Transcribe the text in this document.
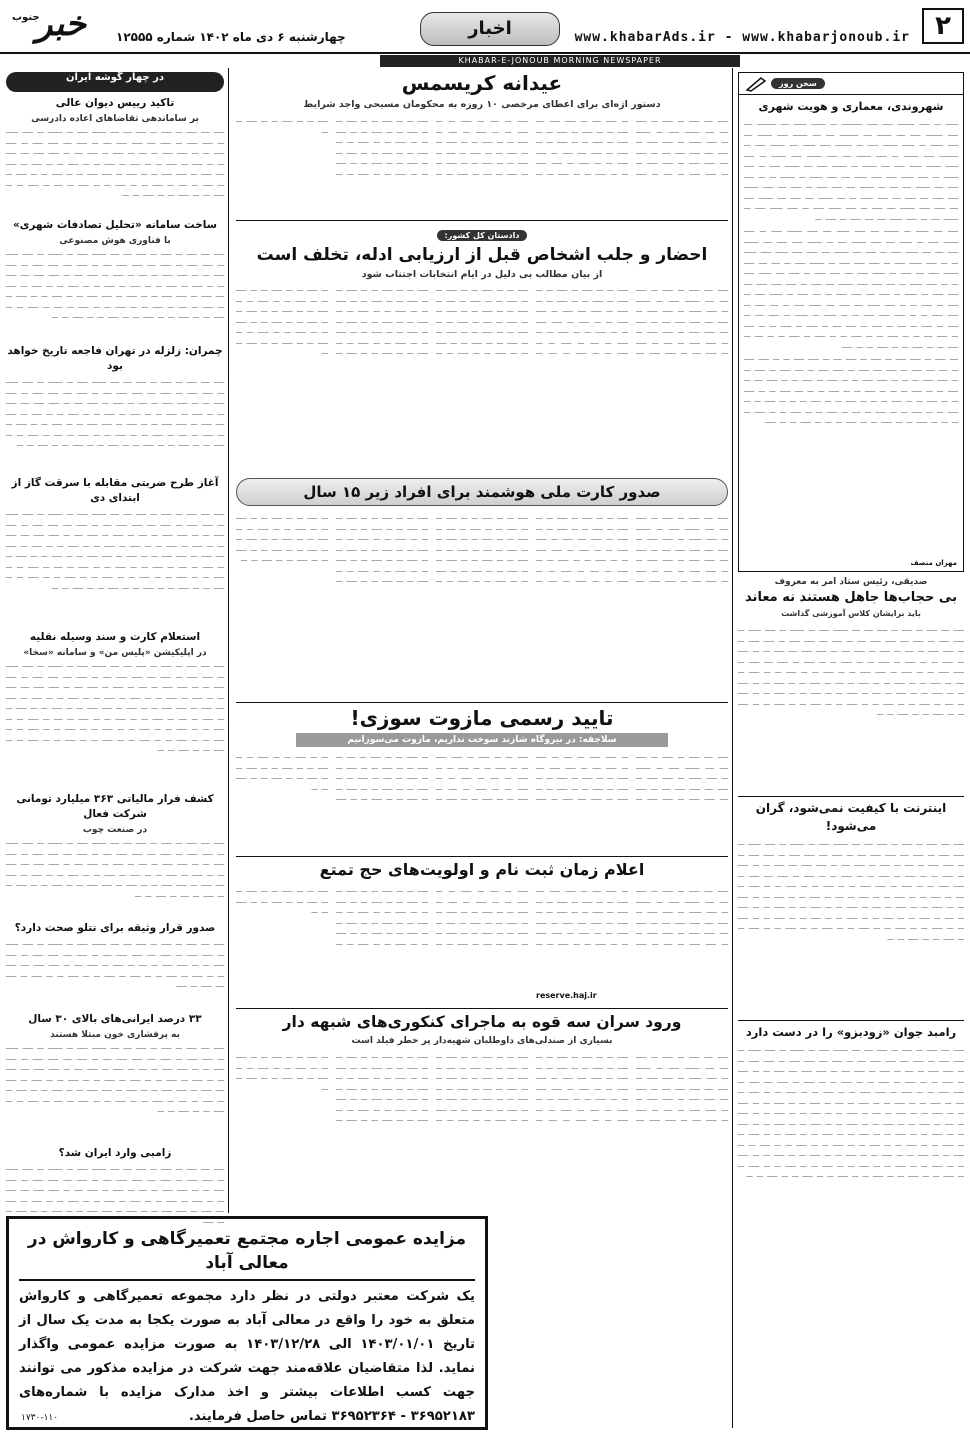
۲
www.khabarAds.ir - www.khabarjonoub.ir
اخبار
چهارشنبه ۶ دی ماه ۱۴۰۲ شماره ۱۲۵۵۵
جنوب
خبر
KHABAR-E-JONOUB MORNING NEWSPAPER
سخن روز
شهروندی، معماری و هویت شهری

ــــــ ـــ ـــــ ــــــــ ـــــ ـــــ ــــــــــ ـــ ـــــــ ــــــ ــــ ـــــــــ ــــ ـــــ ــــــــ ـــــ ــــ ـــــــ ــــ ـــــــــ ــــ ــــ ـــــــ ـــــ ـــــــ ــــ ـــــ ــــــ ـــ ــــــ ـــــــ ـــــ ـــ ــــــــ ـــــ ــــــ ــــ ـــــــ ـــــ ـــ ـــــــــ ـــــ ـــــــ ـــ ـــــ ـــــــ ــــ ـــــ ـــــــ ـــــ ـــــــ ـــ ـــــ ــــــ ـــــــ ــــــ ـــــ ــــ ـــــــ ـــ ـــــــ ـــــ ــــ ـــــــ ـــــ ـــ ـــــ ـــــــ ـــ ـــــ ــــــ ـــــ ـــــ ــــــ ــــ ـــــ ــــــ ـــ ـــــــ ـــ ـــ ـــــ ـــــ ــــ ـــــــ ــــ ــــ ـــ ـــــــ ــــ ـــــ ـــــ ـــ ـــــ ــــ ـــــ ـــــــ ـــــ ـــــ ــــ ـــــ ــــ ـــــ ــــــ ـــ ــــ ـــــــ ــــ ـــــ ــــ ـــــــ ـــــ ــــ ـــــ ـــــ ـــــــ ــــ ـــــ ـــ ـــــ ــــــ ـــــ ـــ ـــــ ــــــ ـــــ ـــ ـــــــ ــــ ـــ ـــــ ــــــ ــــ ــــ ـــــ ـــ ـــــ ـــ

ـــــ ــــ ــــــ ـــ ـــــــ ــــ ـــــ ــــــ ــــ ـــــ ـــــــ ـــــ ـــ ـــــ ـــــــ ـــــ ـــ ــــــ ــــ ـــــ ـــــــ ــــ ـــ ـــــــ ـــــ ـــــ ــــ ـــــــ ـــــ ــــ ــــ ــــــ ـــــ ـــ ـــــ ــــ ـــــــ ــــ ـــــ ـــــ ــــــ ـــــ ــــــ ـــ ـــ ـــــ ــــــ ـــــ ـــ ـــــ ـــــ ـــــ ـــ ـــــــ ـــــ ـــ ــــ ــــ ـــــ ـــــــ ـــــ ــــ ـــــ ـــ ــــــ ـــــ ــــ ـــــ ـــــ ـــ ـــــ ــــ ــــــ ـــــ ـــ ـــ ـــــ ــــــ ـــ ــــ ـــــ ـــــ ـــــــ ــــ ـــــ ـــ ـــــ ـــــ ـــــ ــــ ـــــ ـــــ ـــ ــــــ ـــ ـــــ ــــ ـــــ ـــــ ـــ ــــ ـــــ ـــ ــــــ ـــــ ـــ ـــــ ـــ ـــــ ـــ ـــ ـــــ ــــــ ــــ ـــــ ــــ ــــــ ـــــ ـــ ــــ ـــــ ـــ ـــــ ـــــ ـــ ـــ ـــــ ـــــ ـــــ ـــ ـــ ــــــ ـــ ــــــ ـــ ـــــ ــــ ـــ ـــــ ـــ ـــــ ـــ ــــ ـــ ـــــ ـــ ـــــ ــــ ـــ ـــــ ـــ ـــــ ـــ ـــ ـــــ ـــ ـــــ ــــ ـــ ـــ ـــــ ـــ ـــ ـــــ ـــ ـــ ـــــ ـــ ـــــ ـــ ـــ ــــ ـــ ـــــ ـــ ـــ ـــــ ـــ ـــ ـــــ ـــ ـــ ـــــ

ــــ ـــــ ـــ ـــــ ـــــ ـــ ـــــ ـــ ـــــ ــــ ـــ ـــــ ـــــ ـــ ـــ ـــــ ـــــ ـــ ــــ ــــ ـــــ ـــ ـــــ ــــ ـــــ ـــ ـــــ ـــــ ـــ ــــ ـــــ ـــ ـــــ ـــ ـــ ـــــ ـــــ ـــ ـــ ـــ ـــــ ـــــ ـــ ـــ ـــــ ـــ ـــــ ـــ ـــ ـــــ ــــ ـــ ـــــ ـــ ـــ ـــــ ـــ ـــ ـــ ـــــ ـــ ـــ ـــــ ـــ ـــ ــــ ـــــ ـــ ـــ ـــــ ـــ ـــ ـــــ ـــ ـــ ـــــ ـــ ـــ ـــ ـــــ ـــ ـــ ـــــ ـــ ـــ ـــ ـــــ ـــ ـــ ـــــ ـــ ـــ ـــــ ـــ ـــ ـــــ ـــ ــــ ـــ ـــــ ـــ ـــ ـــــ ـــ ـــ ـــــ ـــ ـــ ـــ ـــ ـــــ ـــ ـــ ـــــ ـــ ـــ ـــــ ـــ ـــ ـــ ـــــ ـــ ـــ ـــــ

مهران منصف
صدیقی، رئیس ستاد امر به معروف
بی حجاب‌ها جاهل هستند نه معاند
باید برایشان کلاس آموزشی گذاشت
ـــــ ــــ ـــــ ـــ ـــــ ـــ ـــــ ــــ ــــ ـــــــ ـــــ ـــ ـــــــ ـــ ـــــ ــــــ ـــ ـــــ ـــــ ـــ ـــــ ــــ ـــــ ـــــ ــــ ـــ ـــــ ــــ ـــــ ـــــ ـــ ـــــ ـــــ ـــ ـــ ـــــ ـــــ ـــ ــــ ـــ ـــــ ـــ ـــــ ــــ ـــ ـــــ ـــــ ــــ ـــــ ـــ ـــ ـــــ ـــ ـــــ ـــ ـــ ـــــ ـــ ـــــ ـــ ـــ ـــــ ـــ ـــ ـــــ ـــ ـــــ ــــ ـــــ ـــ ـــــ ـــــ ـــ ـــ ـــــ ـــ ـــــ ـــــ ـــ ـــ ـــــ ـــ ـــ ـــــ ـــ ـــ ـــــ ـــ ــــ ـــ ـــــ ـــ ـــ ـــــ ـــ ـــ ـــــ ـــ ــــ ـــ ـــــ ـــ ـــ ـــــ ـــ ـــ ـــــ ـــ ـــ ـــــ ـــ ـــ ـــــ ـــ ــــ ـــ ـــــ ـــ ـــ ـــــ ـــ ـــ ـــــ ـــ ـــ ـــــ ـــ ــــ ـــ ـــــ ـــ ـــ ـــــ ـــ ـــ ـــــ ـــ ـــ ـــــ ـــ ـــ ـــــ ـــ ـــ ـــــ ـــ ـــ ـــــ ـــ ـــ ـــــ ـــ ـــ
اینترنت با کیفیت نمی‌شود، گران می‌شود!
ـــــ ــــ ـــــ ـــ ـــــ ـــ ـــــ ــــ ــــ ـــــــ ـــــ ـــ ـــــــ ـــ ـــــ ــــــ ـــ ـــــ ـــــ ـــ ـــــ ــــ ـــــ ـــــ ــــ ـــ ـــــ ــــ ـــــ ـــــ ـــ ـــــ ـــــ ـــ ـــ ـــــ ـــــ ـــ ــــ ـــ ـــــ ـــ ـــــ ــــ ـــ ـــــ ـــــ ــــ ـــــ ـــ ـــ ـــــ ـــ ـــــ ـــ ـــ ـــــ ـــ ـــــ ـــ ـــ ـــــ ـــ ـــ ـــــ ـــ ـــــ ــــ ـــــ ـــ ـــــ ـــــ ـــ ـــ ـــــ ـــ ـــــ ـــــ ـــ ـــ ـــــ ـــ ـــ ـــــ ـــ ـــ ـــــ ـــ ــــ ـــ ـــــ ـــ ـــ ـــــ ـــ ـــ ـــــ ـــ ــــ ـــ ـــــ ـــ ـــ ـــــ ـــ ـــ ـــــ ـــ ـــ ـــــ ـــ ـــ ـــــ ـــ ــــ ـــ ـــــ ـــ ـــ ـــــ ـــ ـــ ـــــ ـــ ـــ ـــــ ـــ ــــ ـــ ـــــ ـــ ـــ ـــــ ـــ ـــ ـــــ ـــ ـــ ـــــ ـــ ـــ ـــــ ـــ ـــ ـــــ ـــ ـــ ـــــ ـــ ـــ ـــــ ـــ ـــ ـــــ ـــ ـــ ـــــ ـــ ـــ ـــــ ـــ ـــ ـــــ ـــ ـــ ـــــ ـــ ـــ ـــــ ـــ ـــ
رامبد جوان «زودبزو» را در دست دارد
ـــــ ــــ ـــــ ـــ ـــــ ـــ ـــــ ــــ ــــ ـــــــ ـــــ ـــ ـــــــ ـــ ـــــ ــــــ ـــ ـــــ ـــــ ـــ ـــــ ــــ ـــــ ـــــ ــــ ـــ ـــــ ــــ ـــــ ـــــ ـــ ـــــ ـــــ ـــ ـــ ـــــ ـــــ ـــ ــــ ـــ ـــــ ـــ ـــــ ــــ ـــ ـــــ ـــــ ــــ ـــــ ـــ ـــ ـــــ ـــ ـــــ ـــ ـــ ـــــ ـــ ـــــ ـــ ـــ ـــــ ـــ ـــ ـــــ ـــ ـــــ ــــ ـــــ ـــ ـــــ ـــــ ـــ ـــ ـــــ ـــ ـــــ ـــــ ـــ ـــ ـــــ ـــ ـــ ـــــ ـــ ـــ ـــــ ـــ ــــ ـــ ـــــ ـــ ـــ ـــــ ـــ ـــ ـــــ ـــ ــــ ـــ ـــــ ـــ ـــ ـــــ ـــ ـــ ـــــ ـــ ـــ ـــــ ـــ ـــ ـــــ ـــ ــــ ـــ ـــــ ـــ ـــ ـــــ ـــ ـــ ـــــ ـــ ـــ ـــــ ـــ ــــ ـــ ـــــ ـــ ـــ ـــــ ـــ ـــ ـــــ ـــ ـــ ـــــ ـــ ـــ ـــــ ـــ ـــ ـــــ ـــ ـــ ـــــ ـــ ـــ ـــــ ـــ ـــ ـــــ ـــ ـــ ـــــ ـــ ـــ ـــــ ـــ ـــ ـــــ ـــ ـــ ـــــ ـــ ـــ ـــــ ـــ ـــ ـــــ ـــ ـــ ـــــ ـــ ـــ ـــــ ـــ ـــ ـــــ ـــ ـــ ـــــ ـــ ـــ ـــــ ـــ ـــ ـــــ ـــ ـــ ـــــ ـــ ـــ ـــــ ـــ ـــ ـــــ ـــ ـــ ـــــ ـــ ـــ ـــــ ـــ ـــ ـــــ ـــ ـــ ـــــ ـــ ـــ ـــــ ـــ ـــ ـــــ ـــ ـــ ـــــ ـــ ـــ ـــــ ـــ ـــ ـــــ ـــ ـــ ـــــ ـــ ـــ ـــــ ـــ ـــ ـــــ ـــ ـــ ـــــ ـــ ـــ
عیدانه کریسمس
دستور اژه‌ای برای اعطای مرخصی ۱۰ روزه به محکومان مسیحی واجد شرایط
ـــــ ــــ ـــــ ـــ ـــــ ـــ ـــــ ــــ ــــ ـــــــ ـــــ ـــ ـــــــ ـــ ـــــ ــــــ ـــ ـــــ ـــــ ـــ ـــــ ــــ ـــــ ـــــ ــــ ـــ ـــــ ــــ ـــــ ـــــ ـــ ـــــ ـــــ ـــ ـــ ـــــ ـــــ ـــ ــــ ـــ ـــــ ـــ ـــــ ــــ ـــ ـــــ ـــــ ــــ ـــــ ـــ ـــ ـــــ ـــ ـــــ ـــ ـــ ـــــ ـــ ـــــ ـــ ـــ ـــــ ـــ ـــ ـــــ ـــ ـــــ ــــ ـــــ ـــ ـــــ ـــــ ـــ ـــ ـــــ ـــ ـــــ ـــــ ـــ ـــ ـــــ ـــ ـــ ـــــ ـــ ـــ ـــــ ـــ ــــ ـــ ـــــ ـــ ـــ ـــــ ـــ ـــ ـــــ ـــ ــــ ـــ ـــــ ـــ ـــ ـــــ ـــ ـــ ـــــ ـــ ـــ ـــــ ـــ ـــ ـــــ ـــ ــــ ـــ ـــــ ـــ ـــ ـــــ ـــ ـــ ـــــ ـــ ـــ ـــــ ـــ ــــ ـــ ـــــ ـــ ـــ ـــــ ـــ ـــ ـــــ ـــ ـــ ـــــ ـــ ـــ ـــــ ـــ ـــ ـــــ ـــ ـــ ـــــ ـــ ـــ ـــــ ـــ ـــ ـــــ ـــ ـــ ـــــ ـــ ـــ ـــــ ـــ ـــ ـــــ ـــ ـــ ـــــ ـــ ـــ ـــــ ـــ ـــ ـــــ ـــ ـــ ـــــ ـــ ـــ ـــــ ـــ ـــ ـــــ ـــ ـــ ـــــ ـــ ـــ ـــــ ـــ ـــ
دادستان کل کشور:
احضار و جلب اشخاص قبل از ارزیابی ادله، تخلف است
از بیان مطالب بی دلیل در ایام انتخابات اجتناب شود
ـــــ ــــ ـــــ ـــ ـــــ ـــ ـــــ ــــ ــــ ـــــــ ـــــ ـــ ـــــــ ـــ ـــــ ــــــ ـــ ـــــ ـــــ ـــ ـــــ ــــ ـــــ ـــــ ــــ ـــ ـــــ ــــ ـــــ ـــــ ـــ ـــــ ـــــ ـــ ـــ ـــــ ـــــ ـــ ــــ ـــ ـــــ ـــ ـــــ ــــ ـــ ـــــ ـــــ ــــ ـــــ ـــ ـــ ـــــ ـــ ـــــ ـــ ـــ ـــــ ـــ ـــــ ـــ ـــ ـــــ ـــ ـــ ـــــ ـــ ـــــ ــــ ـــــ ـــ ـــــ ـــــ ـــ ـــ ـــــ ـــ ـــــ ـــــ ـــ ـــ ـــــ ـــ ـــ ـــــ ـــ ـــ ـــــ ـــ ــــ ـــ ـــــ ـــ ـــ ـــــ ـــ ـــ ـــــ ـــ ــــ ـــ ـــــ ـــ ـــ ـــــ ـــ ـــ ـــــ ـــ ـــ ـــــ ـــ ـــ ـــــ ـــ ــــ ـــ ـــــ ـــ ـــ ـــــ ـــ ـــ ـــــ ـــ ـــ ـــــ ـــ ــــ ـــ ـــــ ـــ ـــ ـــــ ـــ ـــ ـــــ ـــ ـــ ـــــ ـــ ـــ ـــــ ـــ ـــ ـــــ ـــ ـــ ـــــ ـــ ـــ ـــــ ـــ ـــ ـــــ ـــ ـــ ـــــ ـــ ـــ ـــــ ـــ ـــ ـــــ ـــ ـــ ـــــ ـــ ـــ ـــــ ـــ ـــ ـــــ ـــ ـــ ـــــ ـــ ـــ ـــــ ـــ ـــ ـــــ ـــ ـــ ـــــ ـــ ـــ ـــــ ـــ ـــ ـــــ ـــ ـــ ـــــ ـــ ـــ ـــــ ـــ ـــ ـــــ ـــ ـــ ـــــ ـــ ـــ ـــــ ـــ ـــ ـــــ ـــ ـــ ـــــ ـــ ـــ ـــــ ـــ ـــ ـــــ ـــ ـــ ـــــ ـــ ـــ ـــــ ـــ ـــ ـــــ ـــ ـــ ـــــ ـــ ـــ ـــــ ـــ ـــ ـــــ ـــ ـــ ـــــ ـــ ـــ ـــــ ـــ ـــ ـــــ ـــ ـــ ـــــ ـــ ـــ ـــــ ـــ ـــ ـــــ ـــ ـــ ـــــ ـــ ـــ ـــــ ـــ ـــ
صدور کارت ملی هوشمند برای افراد زیر ۱۵ سال
ـــــ ــــ ـــــ ـــ ـــــ ـــ ـــــ ــــ ــــ ـــــــ ـــــ ـــ ـــــــ ـــ ـــــ ــــــ ـــ ـــــ ـــــ ـــ ـــــ ــــ ـــــ ـــــ ــــ ـــ ـــــ ــــ ـــــ ـــــ ـــ ـــــ ـــــ ـــ ـــ ـــــ ـــــ ـــ ــــ ـــ ـــــ ـــ ـــــ ــــ ـــ ـــــ ـــــ ــــ ـــــ ـــ ـــ ـــــ ـــ ـــــ ـــ ـــ ـــــ ـــ ـــــ ـــ ـــ ـــــ ـــ ـــ ـــــ ـــ ـــــ ــــ ـــــ ـــ ـــــ ـــــ ـــ ـــ ـــــ ـــ ـــــ ـــــ ـــ ـــ ـــــ ـــ ـــ ـــــ ـــ ـــ ـــــ ـــ ــــ ـــ ـــــ ـــ ـــ ـــــ ـــ ـــ ـــــ ـــ ــــ ـــ ـــــ ـــ ـــ ـــــ ـــ ـــ ـــــ ـــ ـــ ـــــ ـــ ـــ ـــــ ـــ ــــ ـــ ـــــ ـــ ـــ ـــــ ـــ ـــ ـــــ ـــ ـــ ـــــ ـــ ــــ ـــ ـــــ ـــ ـــ ـــــ ـــ ـــ ـــــ ـــ ـــ ـــــ ـــ ـــ ـــــ ـــ ـــ ـــــ ـــ ـــ ـــــ ـــ ـــ ـــــ ـــ ـــ ـــــ ـــ ـــ ـــــ ـــ ـــ ـــــ ـــ ـــ ـــــ ـــ ـــ ـــــ ـــ ـــ ـــــ ـــ ـــ ـــــ ـــ ـــ ـــــ ـــ ـــ ـــــ ـــ ـــ ـــــ ـــ ـــ ـــــ ـــ ـــ ـــــ ـــ ـــ ـــــ ـــ ـــ ـــــ ـــ ـــ ـــــ ـــ ـــ ـــــ ـــ ـــ ـــــ ـــ ـــ ـــــ ـــ ـــ ـــــ ـــ ـــ ـــــ ـــ ـــ ـــــ ـــ ـــ ـــــ ـــ ـــ ـــــ ـــ ـــ ـــــ ـــ ـــ ـــــ ـــ ـــ ـــــ ـــ ـــ ـــــ ـــ ـــ ـــــ ـــ ـــ ـــــ ـــ ـــ ـــــ ـــ ـــ ـــــ ـــ ـــ ـــــ ـــ ـــ ـــــ ـــ ـــ
تایید رسمی مازوت سوزی!
سلاجقه: در نیروگاه شازند سوخت نداریم، مازوت می‌سوزانیم
ـــــ ــــ ـــــ ـــ ـــــ ـــ ـــــ ــــ ــــ ـــــــ ـــــ ـــ ـــــــ ـــ ـــــ ــــــ ـــ ـــــ ـــــ ـــ ـــــ ــــ ـــــ ـــــ ــــ ـــ ـــــ ــــ ـــــ ـــــ ـــ ـــــ ـــــ ـــ ـــ ـــــ ـــــ ـــ ــــ ـــ ـــــ ـــ ـــــ ــــ ـــ ـــــ ـــــ ــــ ـــــ ـــ ـــ ـــــ ـــ ـــــ ـــ ـــ ـــــ ـــ ـــــ ـــ ـــ ـــــ ـــ ـــ ـــــ ـــ ـــــ ــــ ـــــ ـــ ـــــ ـــــ ـــ ـــ ـــــ ـــ ـــــ ـــــ ـــ ـــ ـــــ ـــ ـــ ـــــ ـــ ـــ ـــــ ـــ ــــ ـــ ـــــ ـــ ـــ ـــــ ـــ ـــ ـــــ ـــ ــــ ـــ ـــــ ـــ ـــ ـــــ ـــ ـــ ـــــ ـــ ـــ ـــــ ـــ ـــ ـــــ ـــ ــــ ـــ ـــــ ـــ ـــ ـــــ ـــ ـــ ـــــ ـــ ـــ ـــــ ـــ ــــ ـــ ـــــ ـــ ـــ ـــــ ـــ ـــ ـــــ ـــ ـــ ـــــ ـــ ـــ ـــــ ـــ ـــ ـــــ ـــ ـــ ـــــ ـــ ـــ ـــــ ـــ ـــ ـــــ ـــ ـــ ـــــ ـــ ـــ ـــــ ـــ ـــ ـــــ ـــ ـــ ـــــ ـــ ـــ ـــــ ـــ ـــ ـــــ ـــ ـــ
اعلام زمان ثبت نام و اولویت‌های حج تمتع
ـــــ ــــ ـــــ ـــ ـــــ ـــ ـــــ ــــ ــــ ـــــــ ـــــ ـــ ـــــــ ـــ ـــــ ــــــ ـــ ـــــ ـــــ ـــ ـــــ ــــ ـــــ ـــــ ــــ ـــ ـــــ ــــ ـــــ ـــــ ـــ ـــــ ـــــ ـــ ـــ ـــــ ـــــ ـــ ــــ ـــ ـــــ ـــ ـــــ ــــ ـــ ـــــ ـــــ ــــ ـــــ ـــ ـــ ـــــ ـــ ـــــ ـــ ـــ ـــــ ـــ ـــــ ـــ ـــ ـــــ ـــ ـــ ـــــ ـــ ـــــ ــــ ـــــ ـــ ـــــ ـــــ ـــ ـــ ـــــ ـــ ـــــ ـــــ ـــ ـــ ـــــ ـــ ـــ ـــــ ـــ ـــ ـــــ ـــ ــــ ـــ ـــــ ـــ ـــ ـــــ ـــ ـــ ـــــ ـــ ــــ ـــ ـــــ ـــ ـــ ـــــ ـــ ـــ ـــــ ـــ ـــ ـــــ ـــ ـــ ـــــ ـــ ــــ ـــ ـــــ ـــ ـــ ـــــ ـــ ـــ ـــــ ـــ ـــ ـــــ ـــ ــــ ـــ ـــــ ـــ ـــ ـــــ ـــ ـــ ـــــ ـــ ـــ ـــــ ـــ ـــ ـــــ ـــ ـــ ـــــ ـــ ـــ ـــــ ـــ ـــ ـــــ ـــ ـــ ـــــ ـــ ـــ ـــــ ـــ ـــ ـــــ ـــ ـــ ـــــ ـــ ـــ ـــــ ـــ ـــ ـــــ ـــ ـــ ـــــ ـــ ـــ ـــــ ـــ ـــ ـــــ ـــ ـــ ـــــ ـــ ـــ ـــــ ـــ ـــ ـــــ ـــ ـــ ـــــ ـــ ـــ ـــــ ـــ ـــ ـــــ ـــ ـــ
reserve.haj.ir
ورود سران سه قوه به ماجرای کنکوری‌های شبهه دار
بسیاری از صندلی‌های داوطلبان شهیه‌دار پر خطر فیلد است
ـــــ ــــ ـــــ ـــ ـــــ ـــ ـــــ ــــ ــــ ـــــــ ـــــ ـــ ـــــــ ـــ ـــــ ــــــ ـــ ـــــ ـــــ ـــ ـــــ ــــ ـــــ ـــــ ــــ ـــ ـــــ ــــ ـــــ ـــــ ـــ ـــــ ـــــ ـــ ـــ ـــــ ـــــ ـــ ــــ ـــ ـــــ ـــ ـــــ ــــ ـــ ـــــ ـــــ ــــ ـــــ ـــ ـــ ـــــ ـــ ـــــ ـــ ـــ ـــــ ـــ ـــــ ـــ ـــ ـــــ ـــ ـــ ـــــ ـــ ـــــ ــــ ـــــ ـــ ـــــ ـــــ ـــ ـــ ـــــ ـــ ـــــ ـــــ ـــ ـــ ـــــ ـــ ـــ ـــــ ـــ ـــ ـــــ ـــ ــــ ـــ ـــــ ـــ ـــ ـــــ ـــ ـــ ـــــ ـــ ــــ ـــ ـــــ ـــ ـــ ـــــ ـــ ـــ ـــــ ـــ ـــ ـــــ ـــ ـــ ـــــ ـــ ــــ ـــ ـــــ ـــ ـــ ـــــ ـــ ـــ ـــــ ـــ ـــ ـــــ ـــ ــــ ـــ ـــــ ـــ ـــ ـــــ ـــ ـــ ـــــ ـــ ـــ ـــــ ـــ ـــ ـــــ ـــ ـــ ـــــ ـــ ـــ ـــــ ـــ ـــ ـــــ ـــ ـــ ـــــ ـــ ـــ ـــــ ـــ ـــ ـــــ ـــ ـــ ـــــ ـــ ـــ ـــــ ـــ ـــ ـــــ ـــ ـــ ـــــ ـــ ـــ ـــــ ـــ ـــ ـــــ ـــ ـــ ـــــ ـــ ـــ ـــــ ـــ ـــ ـــــ ـــ ـــ ـــــ ـــ ـــ ـــــ ـــ ـــ ـــــ ـــ ـــ ـــــ ـــ ـــ ـــــ ـــ ـــ ـــــ ـــ ـــ ـــــ ـــ ـــ ـــــ ـــ ـــ ـــــ ـــ ـــ ـــــ ـــ ـــ ـــــ ـــ ـــ ـــــ ـــ ـــ ـــــ ـــ ـــ ـــــ ـــ ـــ ـــــ ـــ ـــ ـــــ ـــ ـــ
در چهار گوشه ایران
تاکید رییس دیوان عالی
بر ساماندهی تقاضاهای اعاده دادرسی
ـــــ ــــ ـــــ ـــ ـــــ ـــ ـــــ ــــ ــــ ـــــــ ـــــ ـــ ـــــــ ـــ ـــــ ــــــ ـــ ـــــ ـــــ ـــ ـــــ ــــ ـــــ ـــــ ــــ ـــ ـــــ ــــ ـــــ ـــــ ـــ ـــــ ـــــ ـــ ـــ ـــــ ـــــ ـــ ــــ ـــ ـــــ ـــ ـــــ ــــ ـــ ـــــ ـــــ ــــ ـــــ ـــ ـــ ـــــ ـــ ـــــ ـــ ـــ ـــــ ـــ ـــــ ـــ ـــ ـــــ ـــ ـــ ـــــ ـــ ـــــ ــــ ـــــ ـــ ـــــ ـــــ ـــ ـــ ـــــ ـــ ـــــ ـــــ ـــ ـــ ـــــ ـــ ـــ ـــــ ـــ ـــ ـــــ ـــ ــــ ـــ ـــــ ـــ ـــ ـــــ ـــ ـــ ـــــ ـــ ــــ ـــ ـــــ ـــ ـــ ـــــ ـــ ـــ ـــــ ـــ ـــ ـــــ ـــ ـــ
ساخت سامانه «تحلیل تصادفات شهری»
با فناوری هوش مصنوعی
ـــــ ــــ ـــــ ـــ ـــــ ـــ ـــــ ــــ ــــ ـــــــ ـــــ ـــ ـــــــ ـــ ـــــ ــــــ ـــ ـــــ ـــــ ـــ ـــــ ــــ ـــــ ـــــ ــــ ـــ ـــــ ــــ ـــــ ـــــ ـــ ـــــ ـــــ ـــ ـــ ـــــ ـــــ ـــ ــــ ـــ ـــــ ـــ ـــــ ــــ ـــ ـــــ ـــــ ــــ ـــــ ـــ ـــ ـــــ ـــ ـــــ ـــ ـــ ـــــ ـــ ـــــ ـــ ـــ ـــــ ـــ ـــ ـــــ ـــ ـــــ ــــ ـــــ ـــ ـــــ ـــــ ـــ ـــ ـــــ ـــ ـــــ ـــــ ـــ ـــ ـــــ ـــ ـــ ـــــ ـــ ـــ ـــــ ـــ ــــ ـــ ـــــ ـــ ـــ ـــــ ـــ ـــ ـــــ ـــ ــــ ـــ ـــــ ـــ ـــ ـــــ ـــ ـــ ـــــ ـــ ـــ ـــــ ـــ ـــ ـــــ ـــ ـــ ـــــ ـــ ـــ
چمران: زلزله در تهران فاجعه تاریخ خواهد بود
ـــــ ــــ ـــــ ـــ ـــــ ـــ ـــــ ــــ ــــ ـــــــ ـــــ ـــ ـــــــ ـــ ـــــ ــــــ ـــ ـــــ ـــــ ـــ ـــــ ــــ ـــــ ـــــ ــــ ـــ ـــــ ــــ ـــــ ـــــ ـــ ـــــ ـــــ ـــ ـــ ـــــ ـــــ ـــ ــــ ـــ ـــــ ـــ ـــــ ــــ ـــ ـــــ ـــــ ــــ ـــــ ـــ ـــ ـــــ ـــ ـــــ ـــ ـــ ـــــ ـــ ـــــ ـــ ـــ ـــــ ـــ ـــ ـــــ ـــ ـــــ ــــ ـــــ ـــ ـــــ ـــــ ـــ ـــ ـــــ ـــ ـــــ ـــــ ـــ ـــ ـــــ ـــ ـــ ـــــ ـــ ـــ ـــــ ـــ ــــ ـــ ـــــ ـــ ـــ ـــــ ـــ ـــ ـــــ ـــ ــــ ـــ ـــــ ـــ ـــ ـــــ ـــ ـــ ـــــ ـــ ـــ ـــــ ـــ ـــ ـــــ ـــ ـــ ـــــ ـــ ـــ ـــــ ـــ ـــ
آغاز طرح ضربتی مقابله با سرقت گاز از ابتدای دی
ـــــ ــــ ـــــ ـــ ـــــ ـــ ـــــ ــــ ــــ ـــــــ ـــــ ـــ ـــــــ ـــ ـــــ ــــــ ـــ ـــــ ـــــ ـــ ـــــ ــــ ـــــ ـــــ ــــ ـــ ـــــ ــــ ـــــ ـــــ ـــ ـــــ ـــــ ـــ ـــ ـــــ ـــــ ـــ ــــ ـــ ـــــ ـــ ـــــ ــــ ـــ ـــــ ـــــ ــــ ـــــ ـــ ـــ ـــــ ـــ ـــــ ـــ ـــ ـــــ ـــ ـــــ ـــ ـــ ـــــ ـــ ـــ ـــــ ـــ ـــــ ــــ ـــــ ـــ ـــــ ـــــ ـــ ـــ ـــــ ـــ ـــــ ـــــ ـــ ـــ ـــــ ـــ ـــ ـــــ ـــ ـــ ـــــ ـــ ــــ ـــ ـــــ ـــ ـــ ـــــ ـــ ـــ ـــــ ـــ ــــ ـــ ـــــ ـــ ـــ ـــــ ـــ ـــ ـــــ ـــ ـــ ـــــ ـــ ـــ ـــــ ـــ ـــ ـــــ ـــ ـــ ـــــ ـــ ـــ ـــــ ـــ ـــ ـــــ ـــ ـــ ـــــ ـــ ـــ ـــــ ـــ ـــ ـــــ ـــ ـــ
استعلام کارت و سند وسیله نقلیه
در اپلیکیشن «پلیس من» و سامانه «سخا»
ـــــ ــــ ـــــ ـــ ـــــ ـــ ـــــ ــــ ــــ ـــــــ ـــــ ـــ ـــــــ ـــ ـــــ ــــــ ـــ ـــــ ـــــ ـــ ـــــ ــــ ـــــ ـــــ ــــ ـــ ـــــ ــــ ـــــ ـــــ ـــ ـــــ ـــــ ـــ ـــ ـــــ ـــــ ـــ ــــ ـــ ـــــ ـــ ـــــ ــــ ـــ ـــــ ـــــ ــــ ـــــ ـــ ـــ ـــــ ـــ ـــــ ـــ ـــ ـــــ ـــ ـــــ ـــ ـــ ـــــ ـــ ـــ ـــــ ـــ ـــــ ــــ ـــــ ـــ ـــــ ـــــ ـــ ـــ ـــــ ـــ ـــــ ـــــ ـــ ـــ ـــــ ـــ ـــ ـــــ ـــ ـــ ـــــ ـــ ــــ ـــ ـــــ ـــ ـــ ـــــ ـــ ـــ ـــــ ـــ ــــ ـــ ـــــ ـــ ـــ ـــــ ـــ ـــ ـــــ ـــ ـــ ـــــ ـــ ـــ ـــــ ـــ ـــ ـــــ ـــ ـــ ـــــ ـــ ـــ ـــــ ـــ ـــ ـــــ ـــ ـــ ـــــ ـــ ـــ ـــــ ـــ ـــ ـــــ ـــ ـــ ـــــ ـــ ـــ ـــــ ـــ ـــ ـــــ ـــ ـــ
کشف فرار مالیاتی ۳۶۳ میلیارد تومانی شرکت فعال
در صنعت چوب
ـــــ ــــ ـــــ ـــ ـــــ ـــ ـــــ ــــ ــــ ـــــــ ـــــ ـــ ـــــــ ـــ ـــــ ــــــ ـــ ـــــ ـــــ ـــ ـــــ ــــ ـــــ ـــــ ــــ ـــ ـــــ ــــ ـــــ ـــــ ـــ ـــــ ـــــ ـــ ـــ ـــــ ـــــ ـــ ــــ ـــ ـــــ ـــ ـــــ ــــ ـــ ـــــ ـــــ ــــ ـــــ ـــ ـــ ـــــ ـــ ـــــ ـــ ـــ ـــــ ـــ ـــــ ـــ ـــ ـــــ ـــ ـــ ـــــ ـــ ـــــ ــــ ـــــ ـــ ـــــ ـــــ ـــ ـــ ـــــ ـــ ـــــ ـــــ ـــ ـــ ـــــ ـــ ـــ ـــــ ـــ ـــ ـــــ ـــ ــــ ـــ ـــــ ـــ ـــ
صدور قرار وثیقه برای تتلو صحت دارد؟
ـــــ ــــ ـــــ ـــ ـــــ ـــ ـــــ ــــ ــــ ـــــــ ـــــ ـــ ـــــــ ـــ ـــــ ــــــ ـــ ـــــ ـــــ ـــ ـــــ ــــ ـــــ ـــــ ــــ ـــ ـــــ ــــ ـــــ ـــــ ـــ ـــــ ـــــ ـــ ـــ ـــــ ـــــ ـــ ــــ ـــ ـــــ ـــ ـــــ ــــ ـــ ـــــ ـــــ ــــ ـــــ ـــ ـــ ـــــ ـــ ـــــ ـــ ـــ ـــــ ـــ ـــــ ـــ ـــ ـــــ ـــ ـــ ـــــ ـــ ـــــ ــــ ـــــ ـــ ـــــ
۳۳ درصد ایرانی‌های بالای ۳۰ سال
به پرفشاری خون مبتلا هستند
ـــــ ــــ ـــــ ـــ ـــــ ـــ ـــــ ــــ ــــ ـــــــ ـــــ ـــ ـــــــ ـــ ـــــ ــــــ ـــ ـــــ ـــــ ـــ ـــــ ــــ ـــــ ـــــ ــــ ـــ ـــــ ــــ ـــــ ـــــ ـــ ـــــ ـــــ ـــ ـــ ـــــ ـــــ ـــ ــــ ـــ ـــــ ـــ ـــــ ــــ ـــ ـــــ ـــــ ــــ ـــــ ـــ ـــ ـــــ ـــ ـــــ ـــ ـــ ـــــ ـــ ـــــ ـــ ـــ ـــــ ـــ ـــ ـــــ ـــ ـــــ ــــ ـــــ ـــ ـــــ ـــــ ـــ ـــ ـــــ ـــ ـــــ ـــــ ـــ ـــ ـــــ ـــ ـــ ـــــ ـــ ـــ ـــــ ـــ ــــ ـــ ـــــ ـــ ـــ ـــــ ـــ ـــ ـــــ ـــ ــــ ـــ ـــــ ـــ ـــ ـــــ ـــ ـــ ـــــ ـــ ـــ
زامبی وارد ایران شد؟
ـــــ ــــ ـــــ ـــ ـــــ ـــ ـــــ ــــ ــــ ـــــــ ـــــ ـــ ـــــــ ـــ ـــــ ــــــ ـــ ـــــ ـــــ ـــ ـــــ ــــ ـــــ ـــــ ــــ ـــ ـــــ ــــ ـــــ ـــــ ـــ ـــــ ـــــ ـــ ـــ ـــــ ـــــ ـــ ــــ ـــ ـــــ ـــ ـــــ ــــ ـــ ـــــ ـــــ ــــ ـــــ ـــ ـــ ـــــ ـــ ـــــ ـــ ـــ ـــــ ـــ ـــــ ـــ ـــ ـــــ ـــ ـــ ـــــ ـــ ـــــ ــــ ـــــ ـــ ـــــ ـــــ ـــ ـــ ـــــ ـــ ـــــ ـــــ ـــ ـــ ـــــ ـــ ـــ ـــــ ـــ ـــ ـــــ
مزایده عمومی اجاره مجتمع تعمیرگاهی و کارواش در معالی آباد
یک شرکت معتبر دولتی در نظر دارد مجموعه تعمیرگاهی و کارواش متعلق به خود را واقع در معالی آباد به صورت یکجا به مدت یک سال از تاریخ ۱۴۰۳/۰۱/۰۱ الی ۱۴۰۳/۱۲/۲۸ به صورت مزایده عمومی واگذار نماید. لذا متقاضیان علاقه‌مند جهت شرکت در مزایده مذکور می توانند جهت کسب اطلاعات بیشتر و اخذ مدارک مزایده با شماره‌های ۳۶۹۵۲۱۸۳ - ۳۶۹۵۲۳۶۴ تماس حاصل فرمایند.
۱۷۳۰-۱۱۰
